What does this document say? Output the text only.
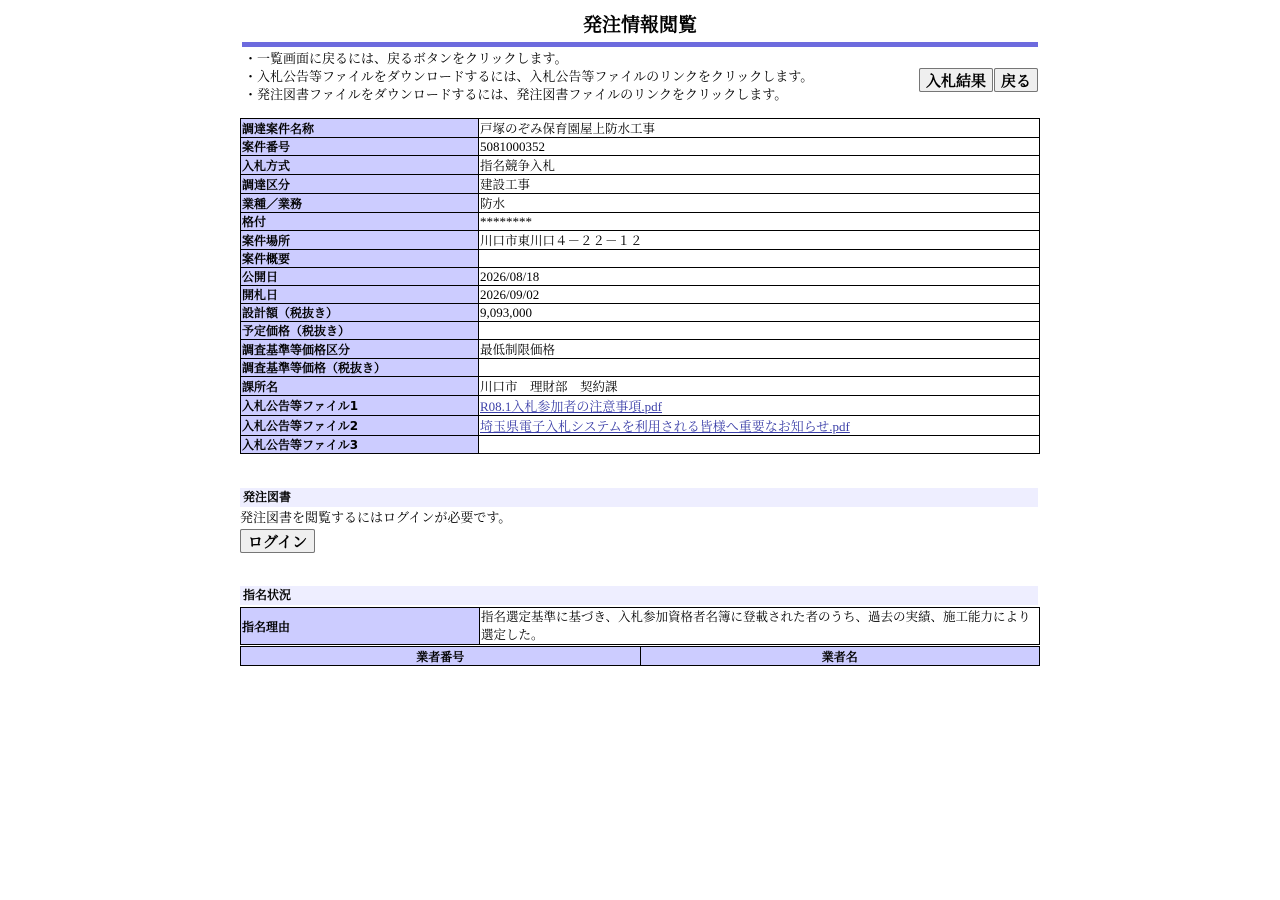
発注情報閲覧
・一覧画面に戻るには、戻るボタンをクリックします。
・入札公告等ファイルをダウンロードするには、入札公告等ファイルのリンクをクリックします。
・発注図書ファイルをダウンロードするには、発注図書ファイルのリンクをクリックします。
入札結果 戻る
調達案件名称	戸塚のぞみ保育園屋上防水工事
案件番号	5081000352
入札方式	指名競争入札
調達区分	建設工事
業種／業務	防水
格付	********
案件場所	川口市東川口４－２２－１２
案件概要	
公開日	2026/08/18
開札日	2026/09/02
設計額（税抜き）	9,093,000
予定価格（税抜き）	
調査基準等価格区分	最低制限価格
調査基準等価格（税抜き）	
課所名	川口市　理財部　契約課
入札公告等ファイル1	R08.1入札参加者の注意事項.pdf
入札公告等ファイル2	埼玉県電子入札システムを利用される皆様へ重要なお知らせ.pdf
入札公告等ファイル3	
発注図書
発注図書を閲覧するにはログインが必要です。
ログイン
指名状況
指名理由	指名選定基準に基づき、入札参加資格者名簿に登載された者のうち、過去の実績、施工能力により選定した。
業者番号	業者名
